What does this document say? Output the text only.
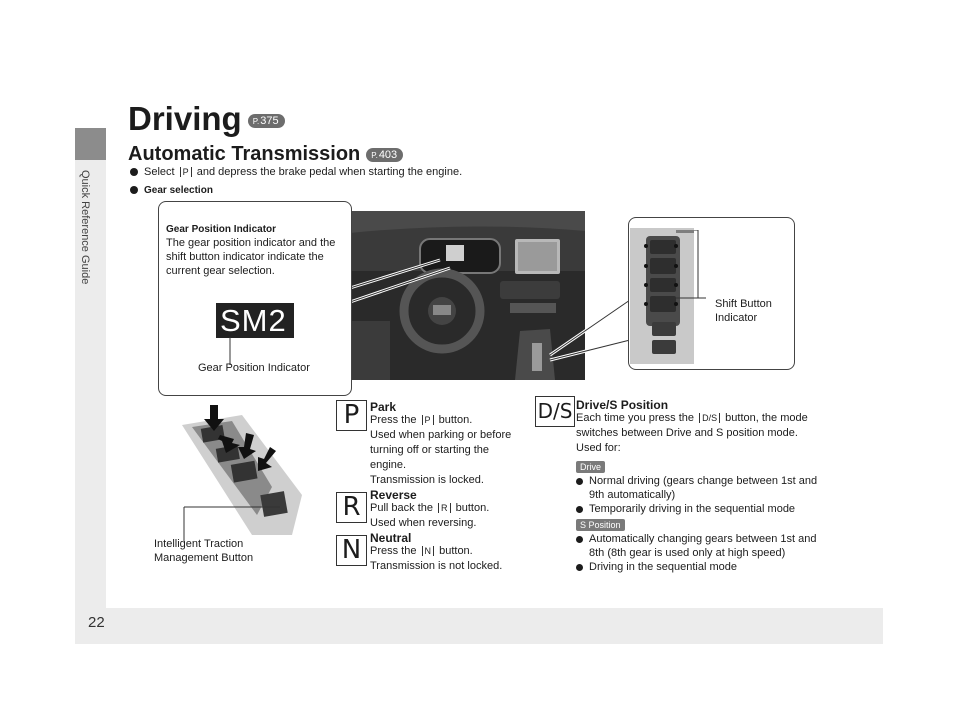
Quick Reference Guide
22
Driving P.375
Automatic Transmission P.403
Select P and depress the brake pedal when starting the engine.
Gear selection
Gear Position Indicator
The gear position indicator and the shift button indicator indicate the current gear selection.
SM2
Gear Position Indicator
Shift Button
Indicator
Intelligent Traction
Management Button
P Park
Press the P button.
Used when parking or before
turning off or starting the
engine.
Transmission is locked.
R Reverse
Pull back the R button.
Used when reversing.
N Neutral
Press the N button.
Transmission is not locked.
D/S Drive/S Position
Each time you press the D/S button, the mode
switches between Drive and S position mode.
Used for:
Drive
Normal driving (gears change between 1st and
9th automatically)
Temporarily driving in the sequential mode
S Position
Automatically changing gears between 1st and
8th (8th gear is used only at high speed)
Driving in the sequential mode
